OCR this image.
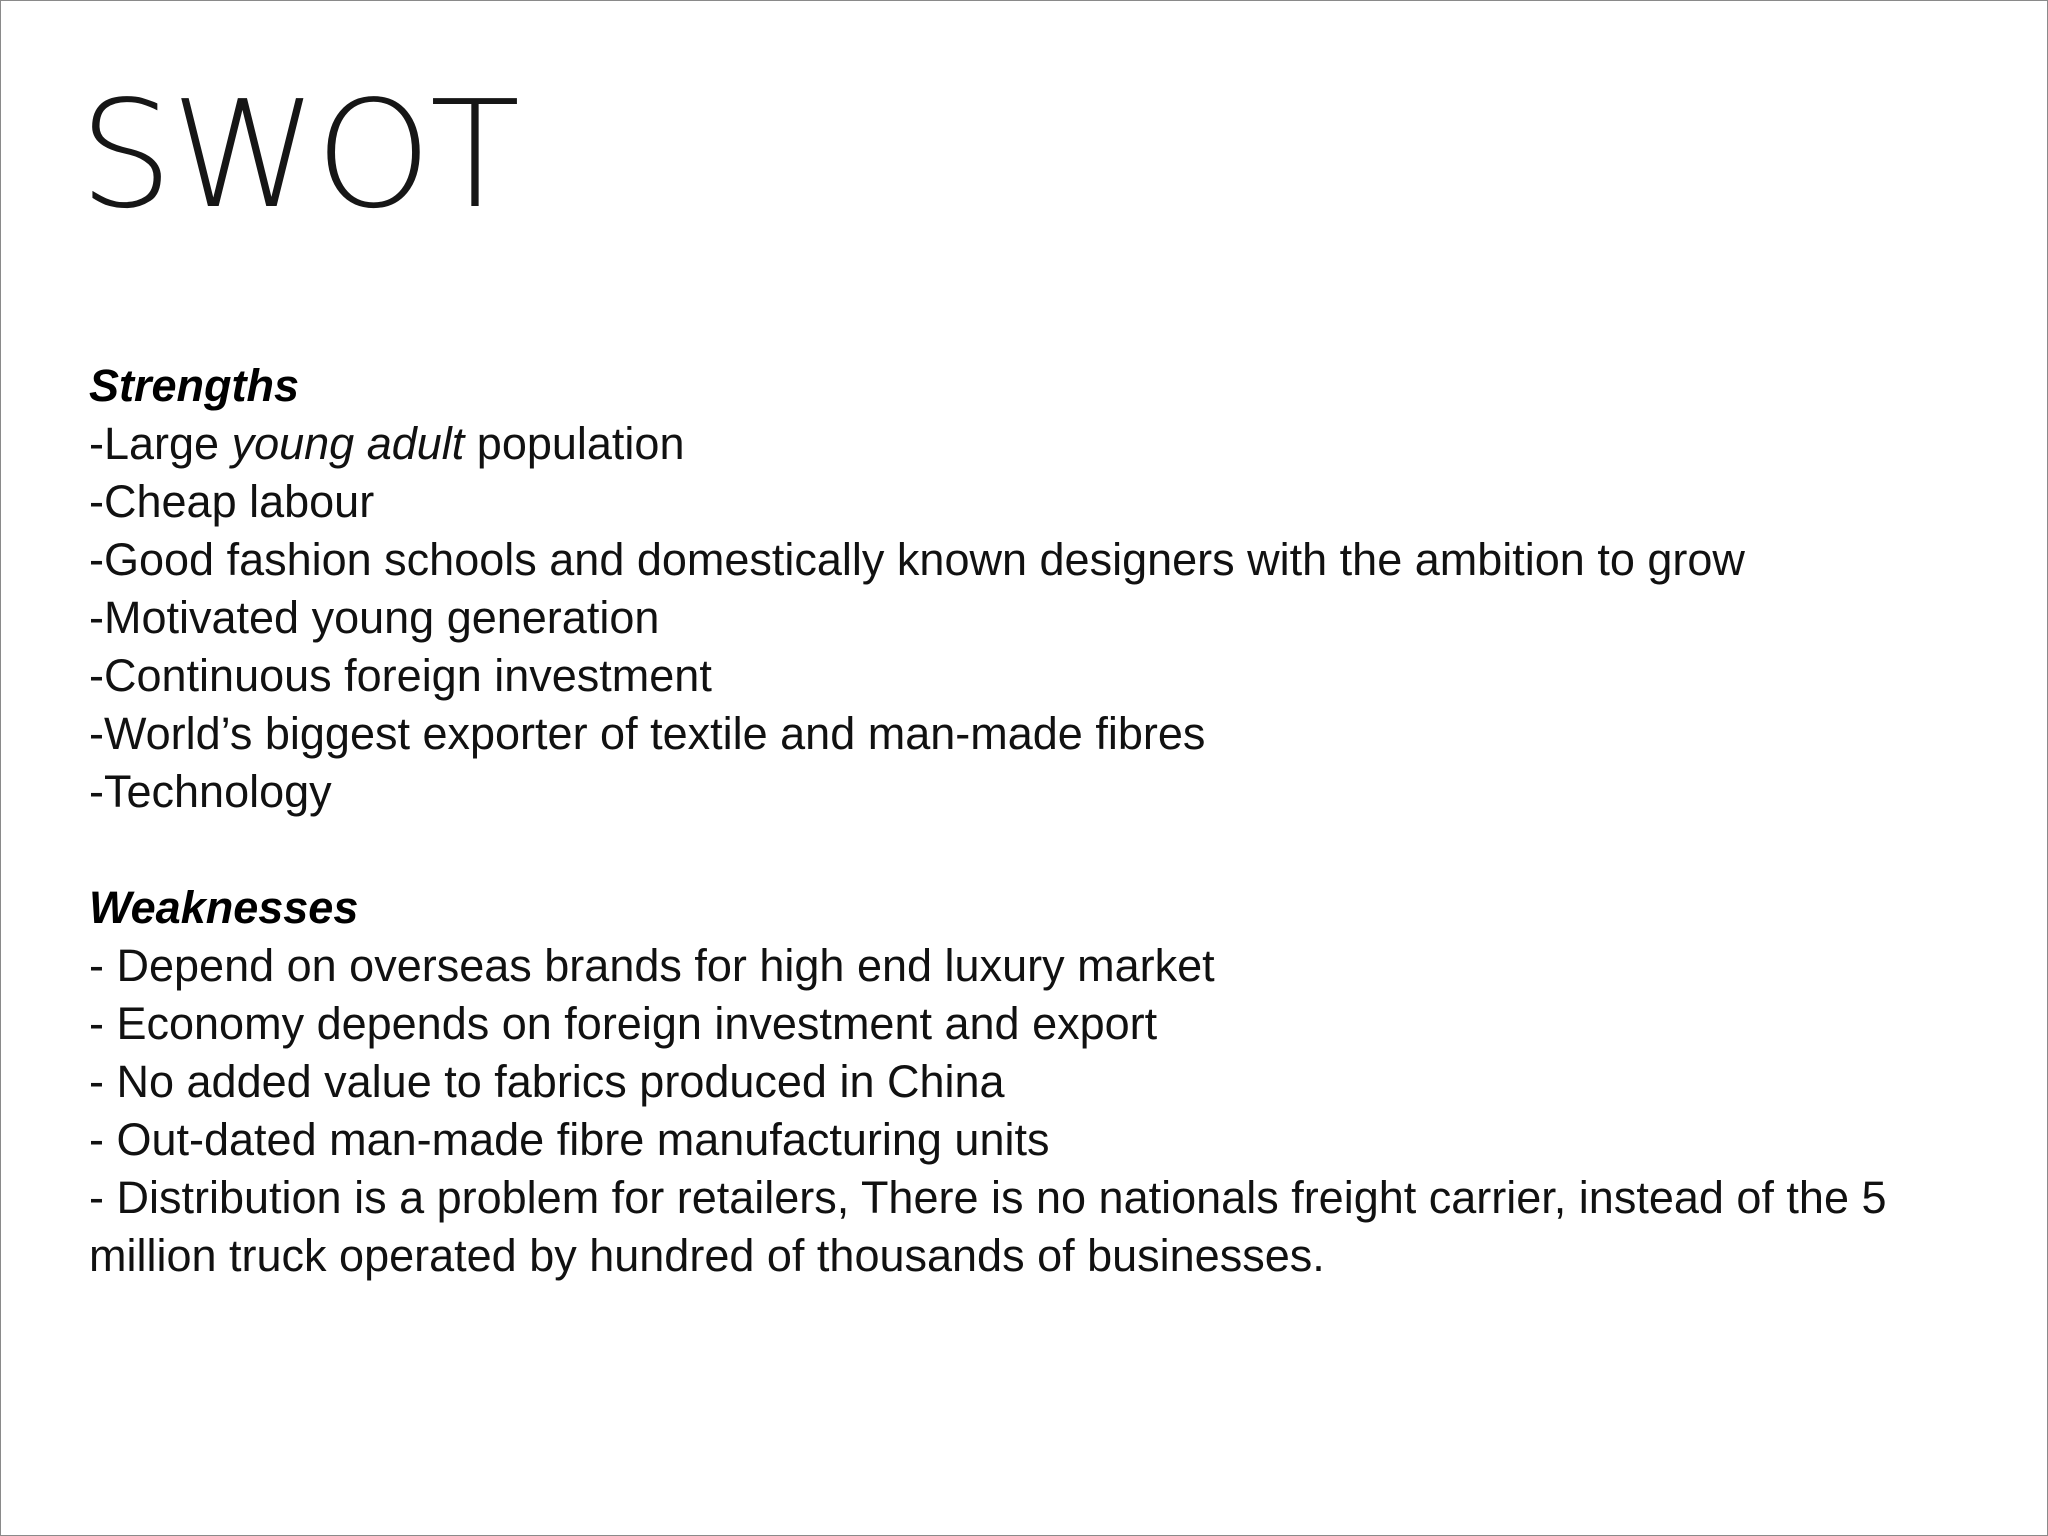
SWOT
Strengths
-Large young adult population
-Cheap labour
-Good fashion schools and domestically known designers with the ambition to grow
-Motivated young generation
-Continuous foreign investment
-World’s biggest exporter of textile and man-made fibres
-Technology
Weaknesses
- Depend on overseas brands for high end luxury market
- Economy depends on foreign investment and export
- No added value to fabrics produced in China
- Out-dated man-made fibre manufacturing units
- Distribution is a problem for retailers, There is no nationals freight carrier, instead of the 5 million truck operated by hundred of thousands of businesses.
